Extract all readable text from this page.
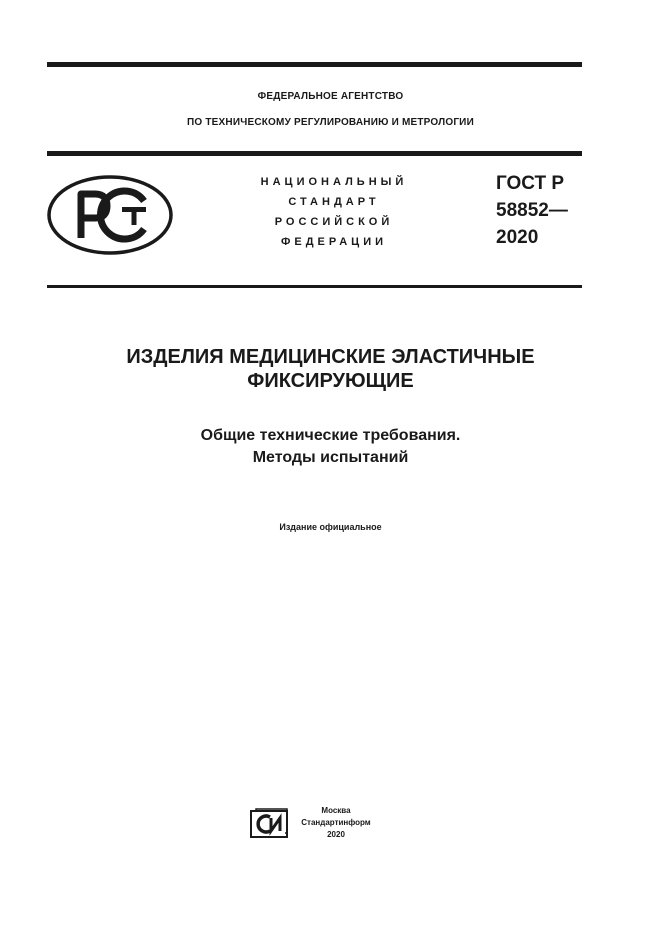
ФЕДЕРАЛЬНОЕ АГЕНТСТВО
ПО ТЕХНИЧЕСКОМУ РЕГУЛИРОВАНИЮ И МЕТРОЛОГИИ
НАЦИОНАЛЬНЫЙ
СТАНДАРТ
РОССИЙСКОЙ
ФЕДЕРАЦИИ
ГОСТ Р
58852—
2020
ИЗДЕЛИЯ МЕДИЦИНСКИЕ ЭЛАСТИЧНЫЕ
ФИКСИРУЮЩИЕ
Общие технические требования.
Методы испытаний
Издание официальное
Москва
Стандартинформ
2020
